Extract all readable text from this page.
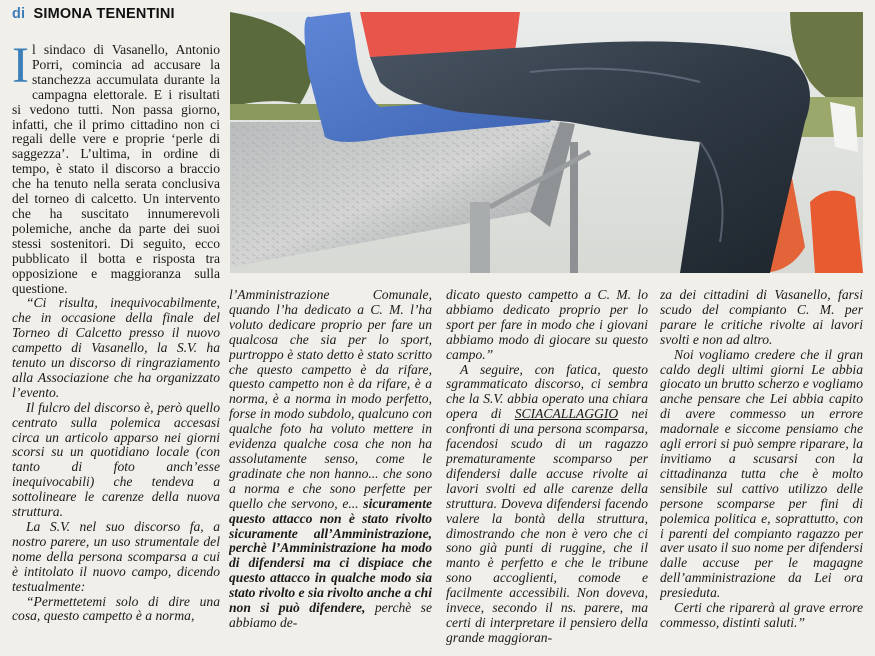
di SIMONA TENENTINI

Il sindaco di Vasanello, Antonio Porri, comincia ad accusare la stanchezza accumulata durante la campagna elettorale. E i risultati si vedono tutti. Non passa giorno, infatti, che il primo cittadino non ci regali delle vere e proprie ‘perle di saggezza’. L’ultima, in ordine di tempo, è stato il discorso a braccio che ha tenuto nella serata conclusiva del torneo di calcetto. Un intervento che ha suscitato innumerevoli polemiche, anche da parte dei suoi stessi sostenitori. Di seguito, ecco pubblicato il botta e risposta tra opposizione e maggioranza sulla questione.

“Ci risulta, inequivocabilmente, che in occasione della finale del Torneo di Calcetto presso il nuovo campetto di Vasanello, la S.V. ha tenuto un discorso di ringraziamento alla Associazione che ha organizzato l’evento.

Il fulcro del discorso è, però quello centrato sulla polemica accesasi circa un articolo apparso nei giorni scorsi su un quotidiano locale (con tanto di foto anch’esse inequivocabili) che tendeva a sottolineare le carenze della nuova struttura.

La S.V. nel suo discorso fa, a nostro parere, un uso strumentale del nome della persona scomparsa a cui è intitolato il nuovo campo, dicendo testualmente:

“Permettetemi solo di dire una cosa, questo campetto è a norma,

l’Amministrazione Comunale, quando l’ha dedicato a C. M. l’ha voluto dedicare proprio per fare un qualcosa che sia per lo sport, purtroppo è stato detto è stato scritto che questo campetto è da rifare, questo campetto non è da rifare, è a norma, è a norma in modo perfetto, forse in modo subdolo, qualcuno con qualche foto ha voluto mettere in evidenza qualche cosa che non ha assolutamente senso, come le gradinate che non hanno... che sono a norma e che sono perfette per quello che servono, e... sicuramente questo attacco non è stato rivolto sicuramente all’Amministrazione, perchè l’Amministrazione ha modo di difendersi ma ci dispiace che questo attacco in qualche modo sia stato rivolto e sia rivolto anche a chi non si può difendere, perchè se abbiamo de-

dicato questo campetto a C. M. lo abbiamo dedicato proprio per lo sport per fare in modo che i giovani abbiamo modo di giocare su questo campo.”

A seguire, con fatica, questo sgrammaticato discorso, ci sembra che la S.V. abbia operato una chiara opera di SCIACALLAGGIO nei confronti di una persona scomparsa, facendosi scudo di un ragazzo prematuramente scomparso per difendersi dalle accuse rivolte ai lavori svolti ed alle carenze della struttura. Doveva difendersi facendo valere la bontà della struttura, dimostrando che non è vero che ci sono già punti di ruggine, che il manto è perfetto e che le tribune sono accoglienti, comode e facilmente accessibili. Non doveva, invece, secondo il ns. parere, ma certi di interpretare il pensiero della grande maggioran-

za dei cittadini di Vasanello, farsi scudo del compianto C. M. per parare le critiche rivolte ai lavori svolti e non ad altro.

Noi vogliamo credere che il gran caldo degli ultimi giorni Le abbia giocato un brutto scherzo e vogliamo anche pensare che Lei abbia capito di avere commesso un errore madornale e siccome pensiamo che agli errori si può sempre riparare, la invitiamo a scusarsi con la cittadinanza tutta che è molto sensibile sul cattivo utilizzo delle persone scomparse per fini di polemica politica e, soprattutto, con i parenti del compianto ragazzo per aver usato il suo nome per difendersi dalle accuse per le magagne dell’amministrazione da Lei ora presieduta.

Certi che riparerà al grave errore commesso, distinti saluti.”
